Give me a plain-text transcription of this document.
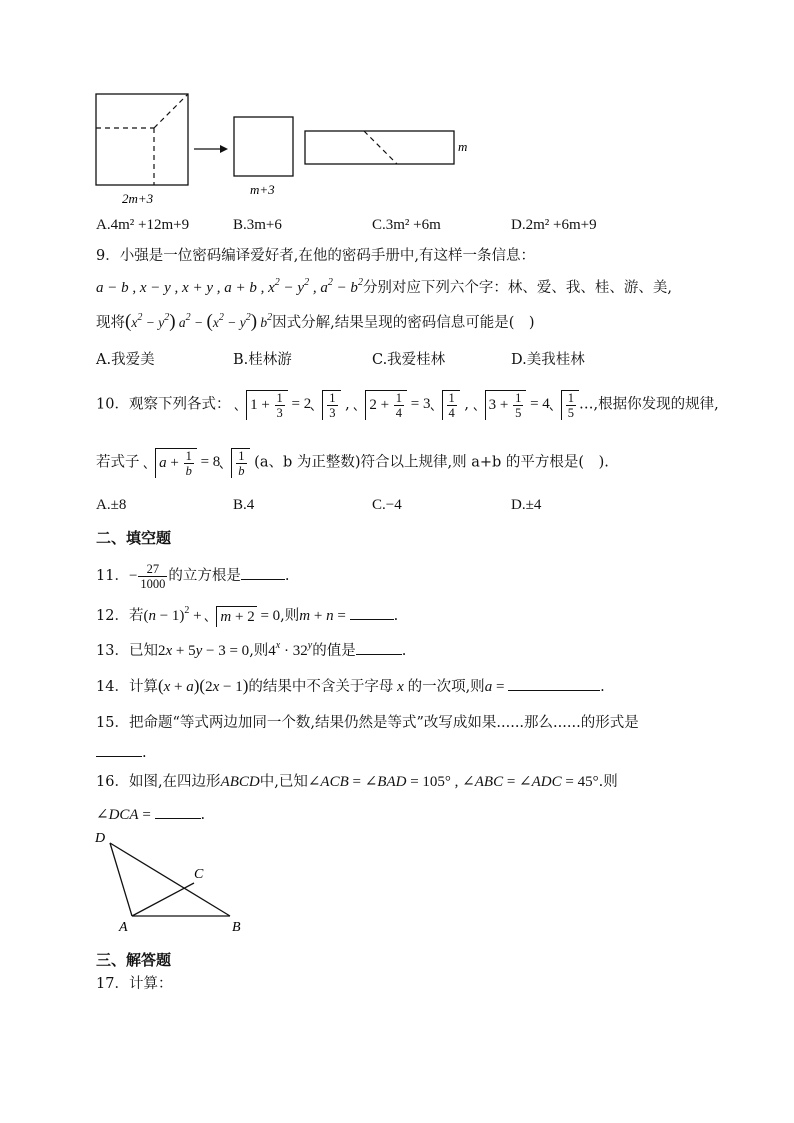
2m+3
m+3
m
A.4m² +12m+9	B.3m+6	C.3m² +6m	D.2m² +6m+9
9．小强是一位密码编译爱好者,在他的密码手册中,有这样一条信息：
a − b , x − y , x + y , a + b , $x^2 - y^2$ , $a^2 - b^2$分别对应下列六个字：林、爱、我、桂、游、美,
现将$(x^2 - y^2) a^2 - (x^2 - y^2)$ $b^2$因式分解,结果呈现的密码信息可能是(　)
A.我爱美	B.桂林游	C.我爱桂林	D.美我桂林
10．观察下列各式： $1 + \frac{1}{3} = 2 \frac{1}{3}$ , $2 + \frac{1}{4} = 3 \frac{1}{4}$ , $3 + \frac{1}{5} = 4 \frac{1}{5}$ …,根据你发现的规律,
若式子 $a + \frac{1}{b} = 8 \frac{1}{b} (a$、b 为正整数)符合以上规律,则 a+b 的平方根是(　).
A.±8	B.4	C.−4	D.±4
二、填空题
11．− $\frac{27}{1000}$ 的立方根是	.
12．若$(n - 1)^2 + m + 2 = 0$,则m + n =	.
13．已知2x + 5y − 3 = 0,则$4^x \cdot 32^y$的值是	.
14．计算(x + a)(2x − 1)的结果中不含关于字母 x 的一次项,则a =	.
15．把命题“等式两边加同一个数,结果仍然是等式”改写成如果......那么......的形式是
.
16．如图,在四边形ABCD中,已知∠ACB = ∠BAD = 105° , ∠ABC = ∠ADC = 45°.则
∠DCA =	.
D
C
A	B
三、解答题
17．计算：
